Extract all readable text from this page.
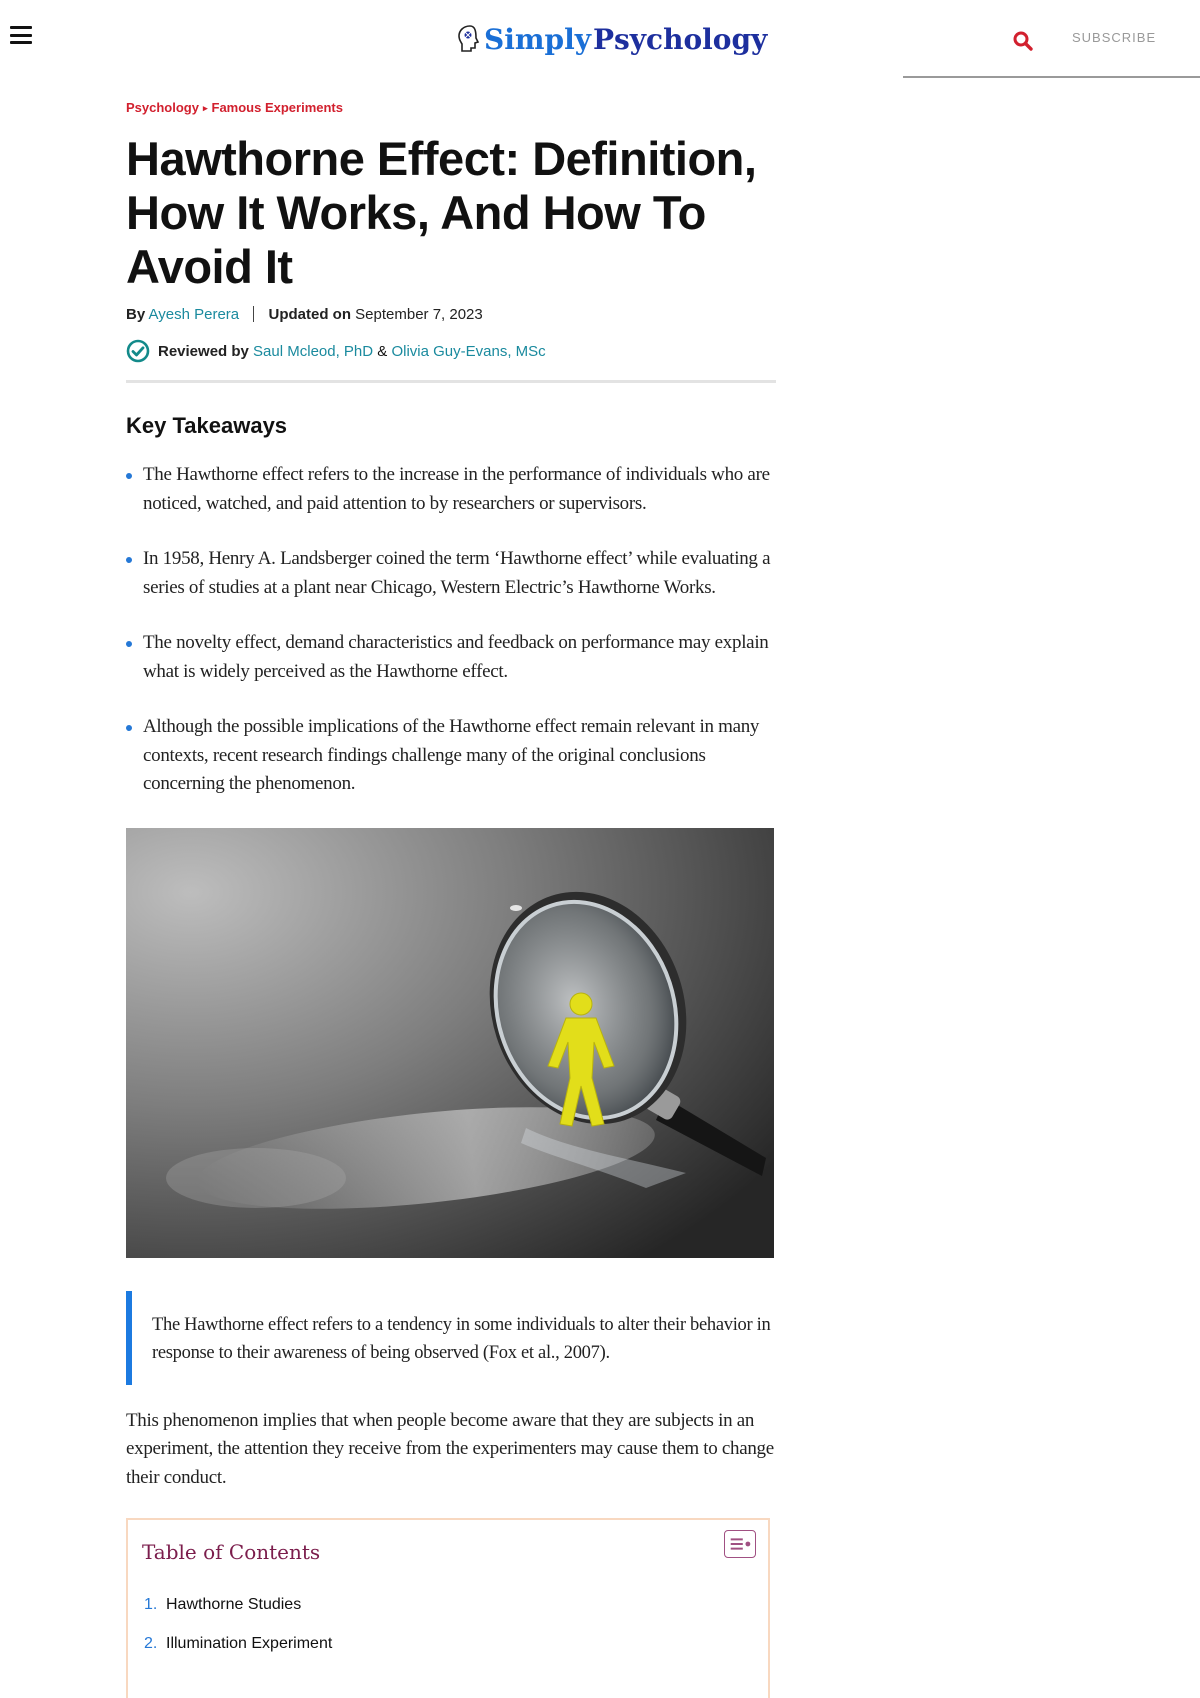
Simply Psychology	SUBSCRIBE
Psychology ▸ Famous Experiments
Hawthorne Effect: Definition, How It Works, And How To Avoid It
By Ayesh Perera Updated on September 7, 2023
Reviewed by Saul Mcleod, PhD & Olivia Guy-Evans, MSc
Key Takeaways
The Hawthorne effect refers to the increase in the performance of individuals who are noticed, watched, and paid attention to by researchers or supervisors.
In 1958, Henry A. Landsberger coined the term ‘Hawthorne effect’ while evaluating a series of studies at a plant near Chicago, Western Electric’s Hawthorne Works.
The novelty effect, demand characteristics and feedback on performance may explain what is widely perceived as the Hawthorne effect.
Although the possible implications of the Hawthorne effect remain relevant in many contexts, recent research findings challenge many of the original conclusions concerning the phenomenon.
The Hawthorne effect refers to a tendency in some individuals to alter their behavior in response to their awareness of being observed (Fox et al., 2007).
This phenomenon implies that when people become aware that they are subjects in an experiment, the attention they receive from the experimenters may cause them to change their conduct.
Table of Contents
1. Hawthorne Studies
2. Illumination Experiment
